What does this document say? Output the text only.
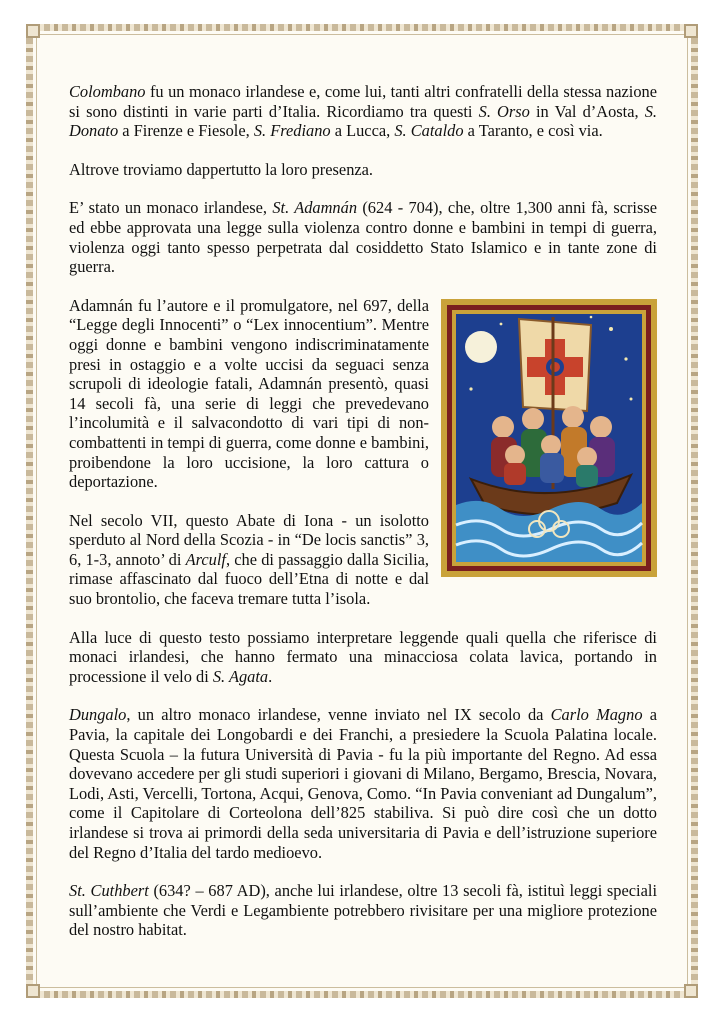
Colombano fu un monaco irlandese e, come lui, tanti altri confratelli della stessa nazione si sono distinti in varie parti d’Italia. Ricordiamo tra questi S. Orso in Val d’Aosta, S. Donato a Firenze e Fiesole, S. Frediano a Lucca, S. Cataldo a Taranto, e così via.

Altrove troviamo dappertutto la loro presenza.

E’ stato un monaco irlandese, St. Adamnán (624 - 704), che, oltre 1,300 anni fà, scrisse ed ebbe approvata una legge sulla violenza contro donne e bambini in tempi di guerra, violenza oggi tanto spesso perpetrata dal cosiddetto Stato Islamico e in tante zone di guerra.

Adamnán fu l’autore e il promulgatore, nel 697, della “Legge degli Innocenti” o “Lex innocentium”. Mentre oggi donne e bambini vengono indiscriminatamente presi in ostaggio e a volte uccisi da seguaci senza scrupoli di ideologie fatali, Adamnán presentò, quasi 14 secoli fà, una serie di leggi che prevedevano l’incolumità e il salvacondotto di vari tipi di non-combattenti in tempi di guerra, come donne e bambini, proibendone la loro uccisione, la loro cattura o deportazione.

Nel secolo VII, questo Abate di Iona - un isolotto sperduto al Nord della Scozia - in “De locis sanctis” 3, 6, 1-3, annoto’ di Arculf, che di passaggio dalla Sicilia, rimase affascinato dal fuoco dell’Etna di notte e dal suo brontolio, che faceva tremare tutta l’isola.

Alla luce di questo testo possiamo interpretare leggende quali quella che riferisce di monaci irlandesi, che hanno fermato una minacciosa colata lavica, portando in processione il velo di S. Agata.

Dungalo, un altro monaco irlandese, venne inviato nel IX secolo da Carlo Magno a Pavia, la capitale dei Longobardi e dei Franchi, a presiedere la Scuola Palatina locale. Questa Scuola – la futura Università di Pavia - fu la più importante del Regno. Ad essa dovevano accedere per gli studi superiori i giovani di Milano, Bergamo, Brescia, Novara, Lodi, Asti, Vercelli, Tortona, Acqui, Genova, Como. “In Pavia conveniant ad Dungalum”, come il Capitolare di Corteolona dell’825 stabiliva. Si può dire così che un dotto irlandese si trova ai primordi della seda universitaria di Pavia e dell’istruzione superiore del Regno d’Italia del tardo medioevo.

St. Cuthbert (634? – 687 AD), anche lui irlandese, oltre 13 secoli fà, istituì leggi speciali sull’ambiente che Verdi e Legambiente potrebbero rivisitare per una migliore protezione del nostro habitat.
